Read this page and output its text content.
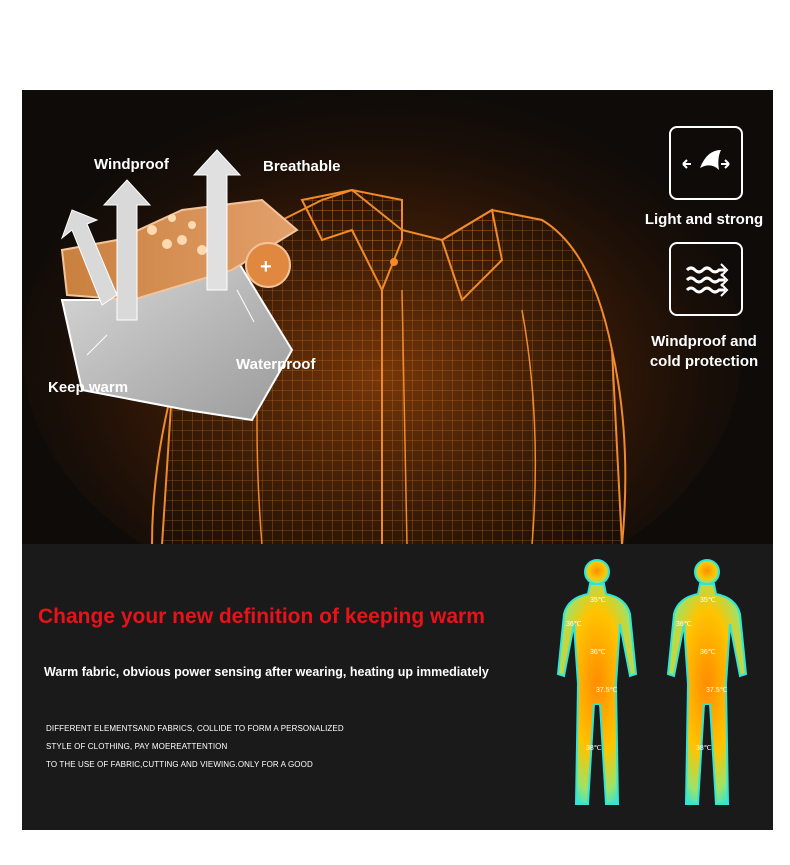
Windproof	Breathable
Waterproof
Keep warm
+
Light and strong
Windproof and
cold protection
Change your new definition of keeping warm
Warm fabric, obvious power sensing after wearing, heating up immediately
DIFFERENT ELEMENTSAND FABRICS, COLLIDE TO FORM A PERSONALIZED
STYLE OF CLOTHING, PAY MOEREATTENTION
TO THE USE OF FABRIC,CUTTING AND VIEWING.ONLY FOR A GOOD
35℃	35℃
36℃	36℃
36℃	36℃
37.5℃	37.5℃
38℃	38℃
